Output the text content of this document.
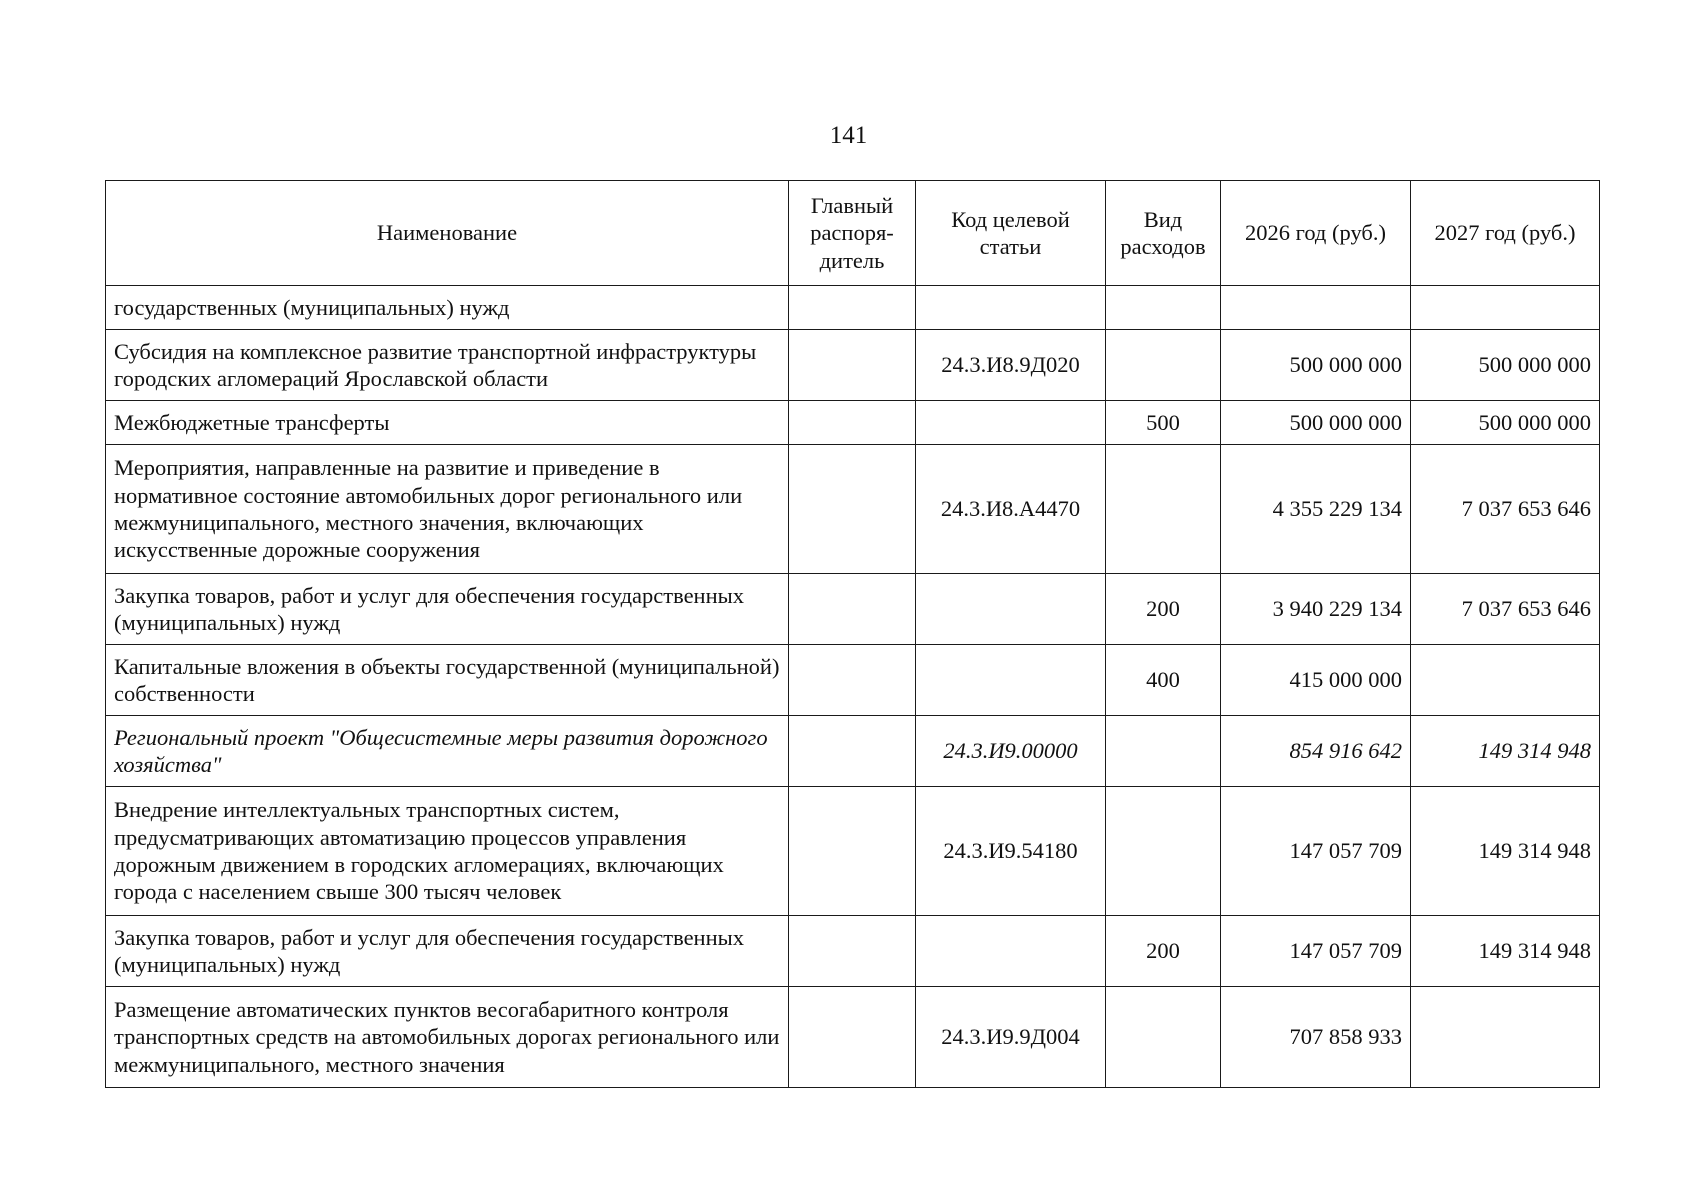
141
Наименование	Главный распоря-дитель	Код целевой статьи	Вид расходов	2026 год (руб.)	2027 год (руб.)
государственных (муниципальных) нужд					
Субсидия на комплексное развитие транспортной инфраструктуры городских агломераций Ярославской области		24.3.И8.9Д020		500 000 000	500 000 000
Межбюджетные трансферты			500	500 000 000	500 000 000
Мероприятия, направленные на развитие и приведение в нормативное состояние автомобильных дорог регионального или межмуниципального, местного значения, включающих искусственные дорожные сооружения		24.3.И8.А4470		4 355 229 134	7 037 653 646
Закупка товаров, работ и услуг для обеспечения государственных (муниципальных) нужд			200	3 940 229 134	7 037 653 646
Капитальные вложения в объекты государственной (муниципальной) собственности			400	415 000 000	
Региональный проект "Общесистемные меры развития дорожного хозяйства"		24.3.И9.00000		854 916 642	149 314 948
Внедрение интеллектуальных транспортных систем, предусматривающих автоматизацию процессов управления дорожным движением в городских агломерациях, включающих города с населением свыше 300 тысяч человек		24.3.И9.54180		147 057 709	149 314 948
Закупка товаров, работ и услуг для обеспечения государственных (муниципальных) нужд			200	147 057 709	149 314 948
Размещение автоматических пунктов весогабаритного контроля транспортных средств на автомобильных дорогах регионального или межмуниципального, местного значения		24.3.И9.9Д004		707 858 933	
